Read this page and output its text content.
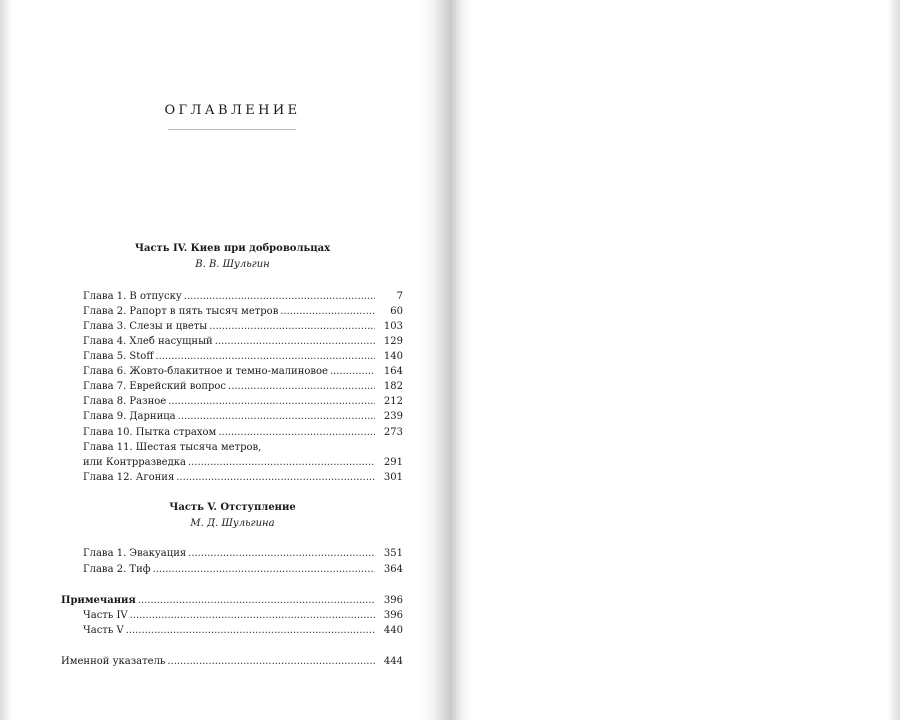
ОГЛАВЛЕНИЕ
Часть IV. Киев при добровольцах
В. В. Шульгин
Глава 1. В отпуску . . .	7
Глава 2. Рапорт в пять тысяч метров . . .	60
Глава 3. Слезы и цветы . . .	103
Глава 4. Хлеб насущный . . .	129
Глава 5. Stoff . . .	140
Глава 6. Жовто-блакитное и темно-малиновое . . .	164
Глава 7. Еврейский вопрос . . .	182
Глава 8. Разное . . .	212
Глава 9. Дарница . . .	239
Глава 10. Пытка страхом . . .	273
Глава 11. Шестая тысяча метров,
или Контрразведка . . .	291
Глава 12. Агония . . .	301
Часть V. Отступление
М. Д. Шульгина
Глава 1. Эвакуация . . .	351
Глава 2. Тиф . . .	364
Примечания . . .	396
Часть IV . . .	396
Часть V . . .	440
Именной указатель . . .	444
